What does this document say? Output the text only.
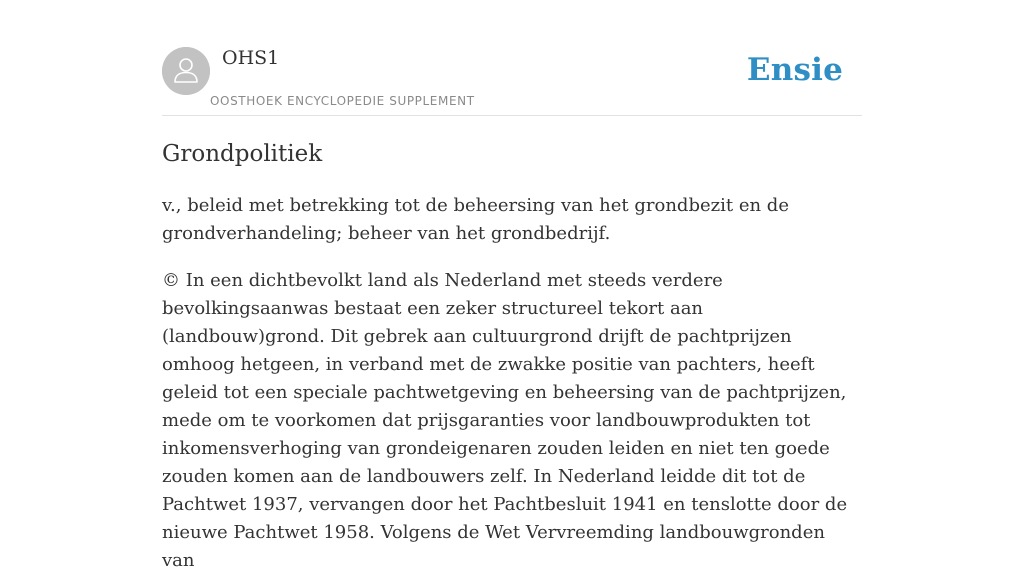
OHS1
OOSTHOEK ENCYCLOPEDIE SUPPLEMENT
Ensie
Grondpolitiek

v., beleid met betrekking tot de beheersing van het grondbezit en de grondverhandeling; beheer van het grondbedrijf.

© In een dichtbevolkt land als Nederland met steeds verdere bevolkingsaanwas bestaat een zeker structureel tekort aan (landbouw)grond. Dit gebrek aan cultuurgrond drijft de pachtprijzen omhoog hetgeen, in verband met de zwakke positie van pachters, heeft geleid tot een speciale pachtwetgeving en beheersing van de pachtprijzen, mede om te voorkomen dat prijsgaranties voor landbouwprodukten tot inkomensverhoging van grondeigenaren zouden leiden en niet ten goede zouden komen aan de landbouwers zelf. In Nederland leidde dit tot de Pachtwet 1937, vervangen door het Pachtbesluit 1941 en tenslotte door de nieuwe Pachtwet 1958. Volgens de Wet Vervreemding landbouwgronden van
